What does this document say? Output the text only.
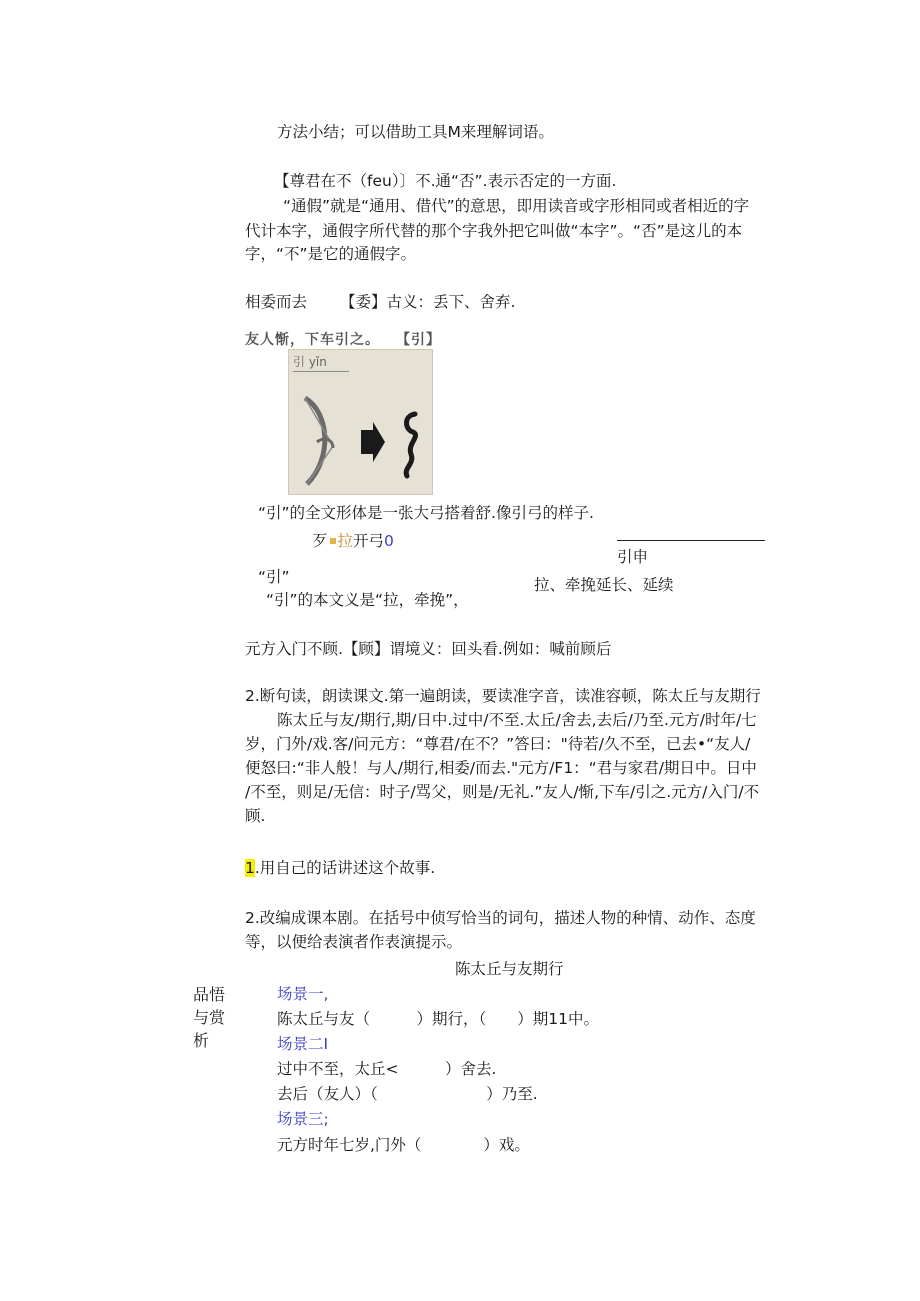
方法小结；可以借助工具M来理解词语。
【尊君在不（feu）〕不.通“否”.表示否定的一方面.
“通假”就是“通用、借代”的意思，即用读音或字形相同或者相近的字
代计本字，通假字所代替的那个字我外把它叫做“本字”。“否”是这儿的本
字，“不”是它的通假字。
相委而去 【委】古义：丢下、舍弃.
友人惭，下车引之。　　【引】
引 yǐn
“引”的全文形体是一张大弓搭着舒.像引弓的样子.
歹 拉开弓0
引申
“引”	拉、牵挽延长、延续
“引”的本文义是“拉，牵挽”，
元方入门不顾.【顾】谓境义：回头看.例如：喊前顾后
2.断句读，朗读课文.第一遍朗读，要读准字音，读准容顿，陈太丘与友期行
陈太丘与友/期行,期/日中.过中/不至.太丘/舍去,去后/乃至.元方/时年/七
岁，门外/戏.客/问元方：“尊君/在不？”答曰："待若/久不至，已去•“友人/
便怒曰:“非人般！与人/期行,相委/而去."元方/F1：“君与家君/期日中。日中
/不至，则足/无信：时子/骂父，则是/无礼.”友人/惭,下车/引之.元方/入门/不
顾.
1.用自己的话讲述这个故事.
2.改编成课本剧。在括号中侦写恰当的词句，描述人物的种情、动作、态度
等，以便给表演者作表演提示。
陈太丘与友期行
品悟
与赏
析
场景一,
陈太丘与友（　　　）期行，（　　）期11中。
场景二I
过中不至，太丘<　　　）舍去.
去后（友人）（　　　　　　　）乃至.
场景三;
元方时年七岁,门外（　　　　）戏。
